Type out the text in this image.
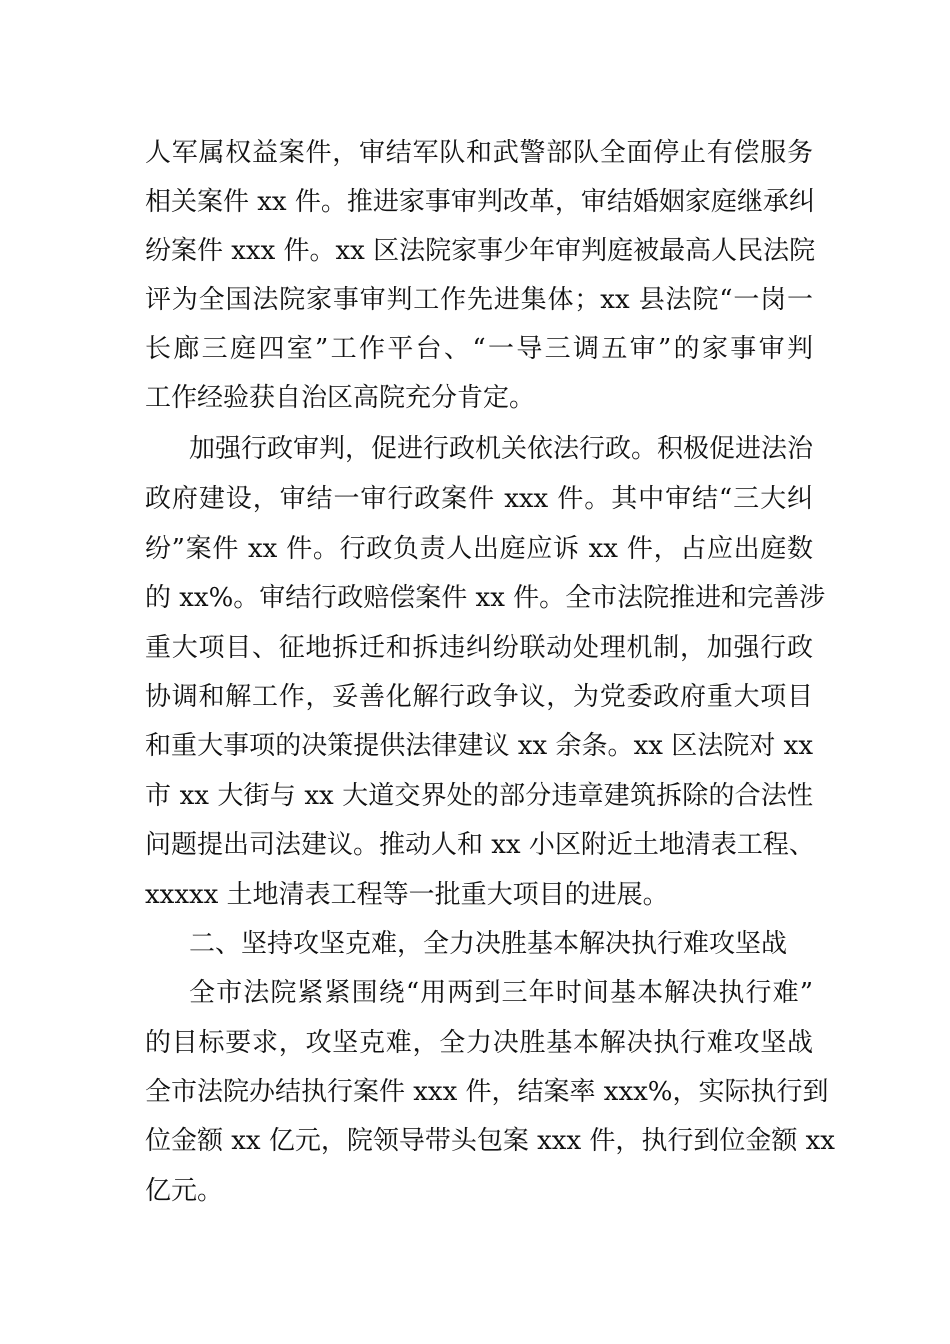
人军属权益案件，审结军队和武警部队全面停止有偿服务
相关案件 xx 件。推进家事审判改革，审结婚姻家庭继承纠
纷案件 xxx 件。xx 区法院家事少年审判庭被最高人民法院
评为全国法院家事审判工作先进集体；xx 县法院“一岗一
长廊三庭四室”工作平台、“一导三调五审”的家事审判
工作经验获自治区高院充分肯定。
加强行政审判，促进行政机关依法行政。积极促进法治
政府建设，审结一审行政案件 xxx 件。其中审结“三大纠
纷”案件 xx 件。行政负责人出庭应诉 xx 件，占应出庭数
的 xx%。审结行政赔偿案件 xx 件。全市法院推进和完善涉
重大项目、征地拆迁和拆违纠纷联动处理机制，加强行政
协调和解工作，妥善化解行政争议，为党委政府重大项目
和重大事项的决策提供法律建议 xx 余条。xx 区法院对 xx
市 xx 大街与 xx 大道交界处的部分违章建筑拆除的合法性
问题提出司法建议。推动人和 xx 小区附近土地清表工程、
xxxxx 土地清表工程等一批重大项目的进展。
二、坚持攻坚克难，全力决胜基本解决执行难攻坚战
全市法院紧紧围绕“用两到三年时间基本解决执行难”
的目标要求，攻坚克难，全力决胜基本解决执行难攻坚战
全市法院办结执行案件 xxx 件，结案率 xxx%，实际执行到
位金额 xx 亿元，院领导带头包案 xxx 件，执行到位金额 xx
亿元。
